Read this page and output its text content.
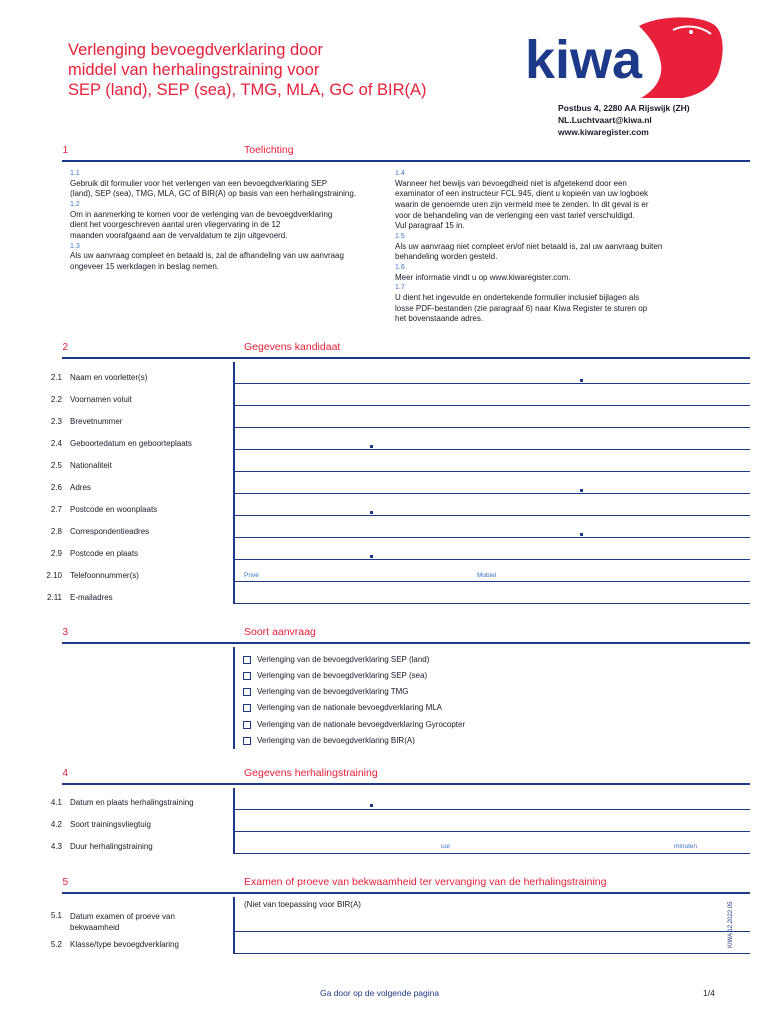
Verlenging bevoegdverklaring door
middel van herhalingstraining voor
SEP (land), SEP (sea), TMG, MLA, GC of BIR(A)	kiwa
Postbus 4, 2280 AA Rijswijk (ZH)
NL.Luchtvaart@kiwa.nl
www.kiwaregister.com
1	Toelichting
1.1
Gebruik dit formulier voor het verlengen van een bevoegdverklaring SEP
(land), SEP (sea), TMG, MLA, GC of BIR(A) op basis van een herhalingstraining.
1.2
Om in aanmerking te komen voor de verlenging van de bevoegdverklaring
dient het voorgeschreven aantal uren vliegervaring in de 12
maanden voorafgaand aan de vervaldatum te zijn uitgevoerd.
1.3
Als uw aanvraag compleet en betaald is, zal de afhandeling van uw aanvraag
ongeveer 15 werkdagen in beslag nemen.
1.4
Wanneer het bewijs van bevoegdheid niet is afgetekend door een
examinator of een instructeur FCL.945, dient u kopieën van uw logboek
waarin de genoemde uren zijn vermeld mee te zenden. In dit geval is er
voor de behandeling van de verlenging een vast tarief verschuldigd.
Vul paragraaf 15 in.
1.5
Als uw aanvraag niet compleet en/of niet betaald is, zal uw aanvraag buiten
behandeling worden gesteld.
1.6
Meer informatie vindt u op www.kiwaregister.com.
1.7
U dient het ingevulde en ondertekende formulier inclusief bijlagen als
losse PDF-bestanden (zie paragraaf 6) naar Kiwa Register te sturen op
het bovenstaande adres.
2	Gegevens kandidaat
2.1 Naam en voorletter(s)
2.2 Voornamen voluit
2.3 Brevetnummer
2.4 Geboortedatum en geboorteplaats
2.5 Nationaliteit
2.6 Adres
2.7 Postcode en woonplaats
2.8 Correspondentieadres
2.9 Postcode en plaats
2.10 Telefoonnummer(s)	Privé	Mobiel
2.11 E-mailadres
3	Soort aanvraag
Verlenging van de bevoegdverklaring SEP (land)
Verlenging van de bevoegdverklaring SEP (sea)
Verlenging van de bevoegdverklaring TMG
Verlenging van de nationale bevoegdverklaring MLA
Verlenging van de nationale bevoegdverklaring Gyrocopter
Verlenging van de bevoegdverklaring BIR(A)
4	Gegevens herhalingstraining
4.1 Datum en plaats herhalingstraining
4.2 Soort trainingsvliegtuig
4.3 Duur herhalingstraining	uur	minuten
5	Examen of proeve van bekwaamheid ter vervanging van de herhalingstraining
(Niet van toepassing voor BIR(A)
5.1 Datum examen of proeve van
bekwaamheid
5.2 Klasse/type bevoegdverklaring	KIWA 12.2022.05
Ga door op de volgende pagina	1/4
